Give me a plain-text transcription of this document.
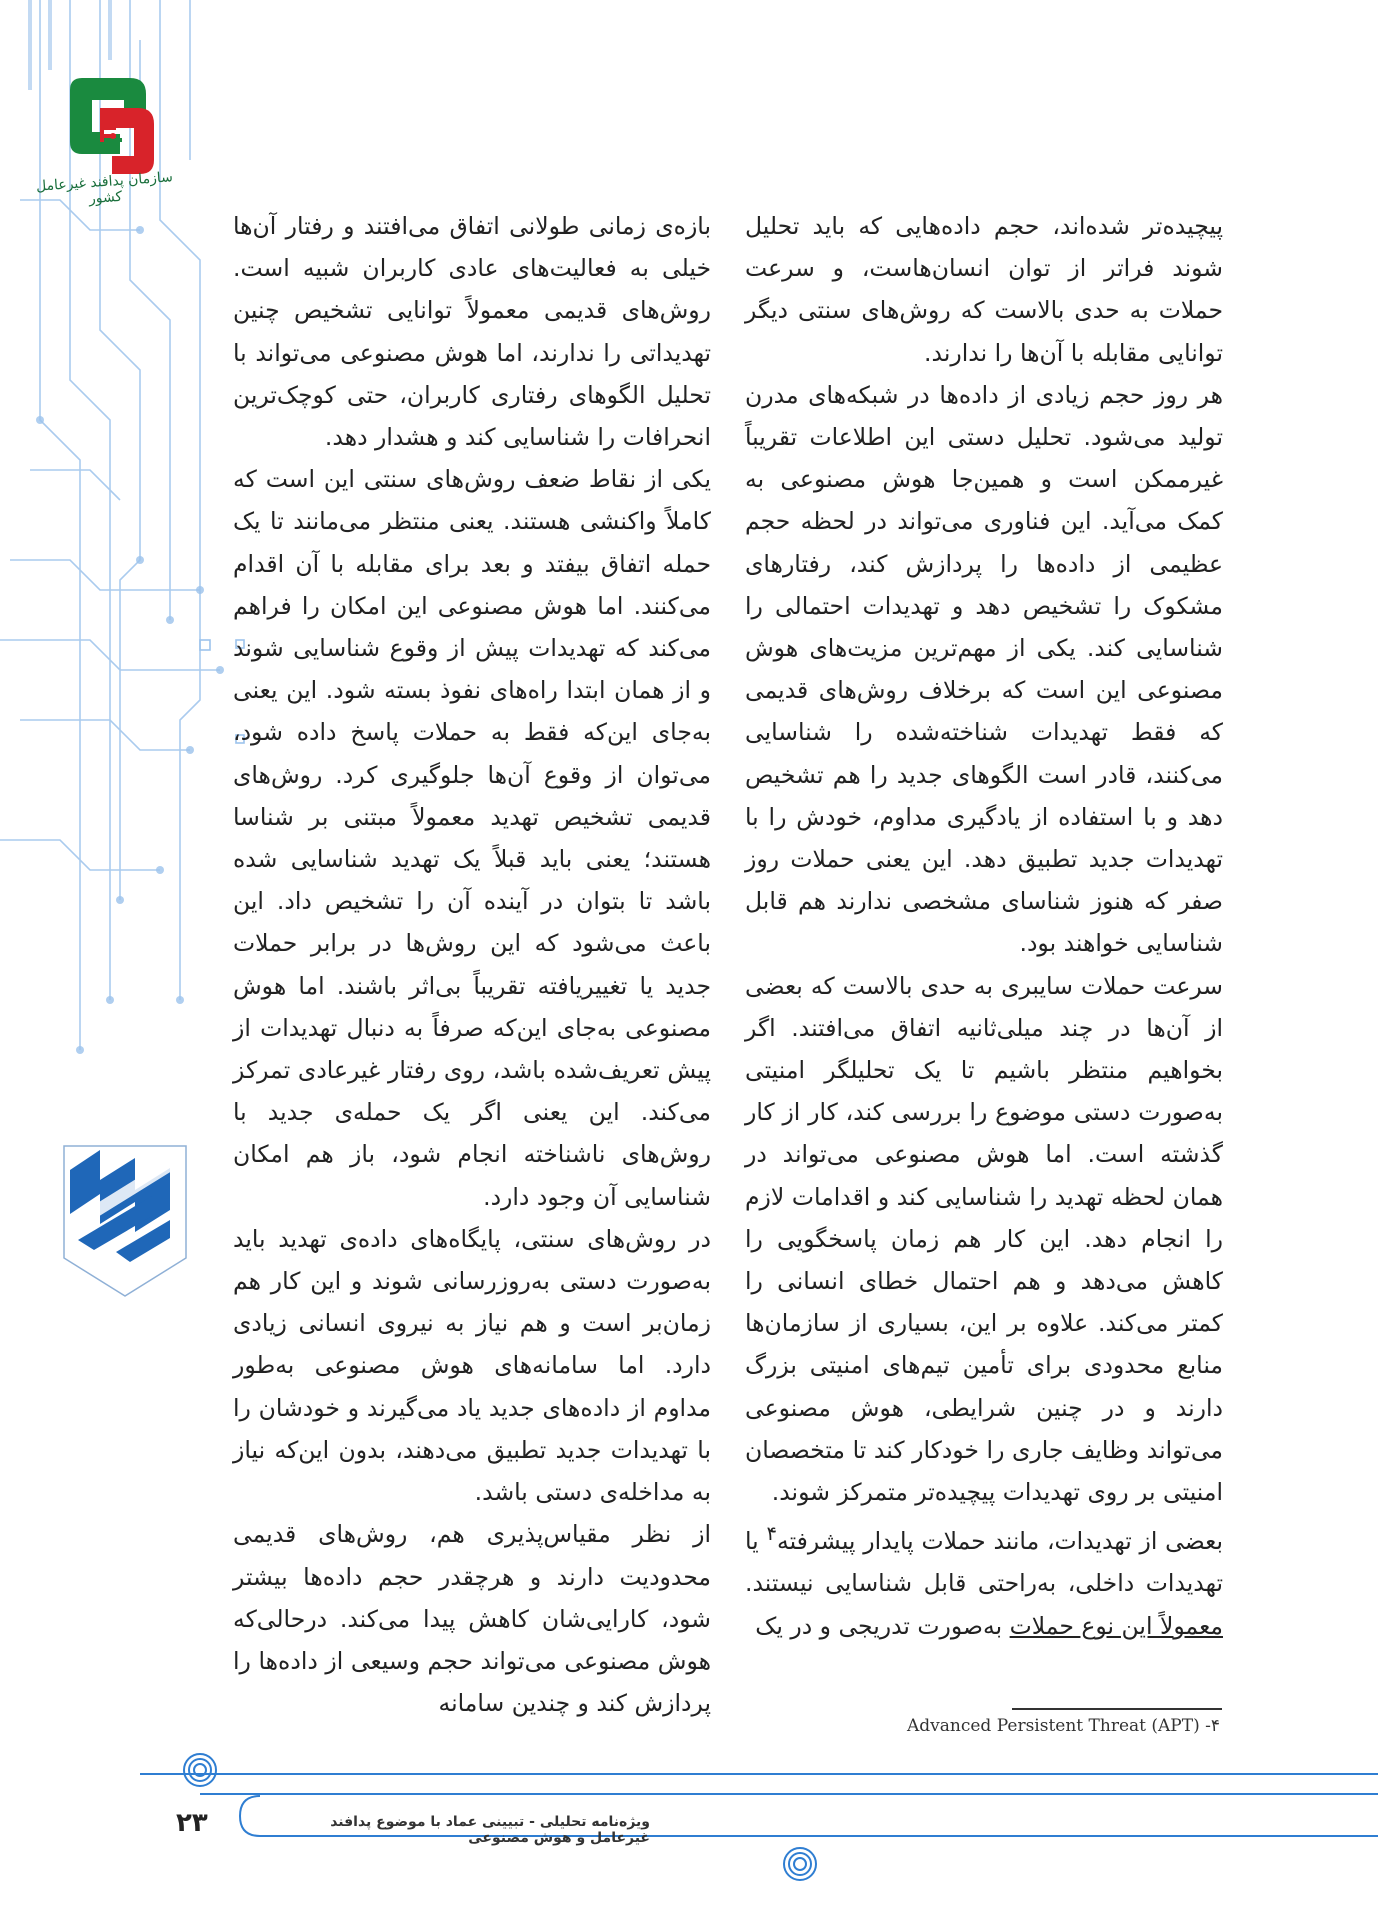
سازمان پدافند غیرعامل کشور

پیچیده‌تر شده‌اند، حجم داده‌هایی که باید تحلیل شوند فراتر از توان انسان‌هاست، و سرعت حملات به حدی بالاست که روش‌های سنتی دیگر توانایی مقابله با آن‌ها را ندارند.

هر روز حجم زیادی از داده‌ها در شبکه‌های مدرن تولید می‌شود. تحلیل دستی این اطلاعات تقریباً غیرممکن است و همین‌جا هوش مصنوعی به کمک می‌آید. این فناوری می‌تواند در لحظه حجم عظیمی از داده‌ها را پردازش کند، رفتارهای مشکوک را تشخیص دهد و تهدیدات احتمالی را شناسایی کند. یکی از مهم‌ترین مزیت‌های هوش مصنوعی این است که برخلاف روش‌های قدیمی که فقط تهدیدات شناخته‌شده را شناسایی می‌کنند، قادر است الگوهای جدید را هم تشخیص دهد و با استفاده از یادگیری مداوم، خودش را با تهدیدات جدید تطبیق دهد. این یعنی حملات روز صفر که هنوز شناسای مشخصی ندارند هم قابل شناسایی خواهند بود.

سرعت حملات سایبری به حدی بالاست که بعضی از آن‌ها در چند میلی‌ثانیه اتفاق می‌افتند. اگر بخواهیم منتظر باشیم تا یک تحلیلگر امنیتی به‌صورت دستی موضوع را بررسی کند، کار از کار گذشته است. اما هوش مصنوعی می‌تواند در همان لحظه تهدید را شناسایی کند و اقدامات لازم را انجام دهد. این کار هم زمان پاسخگویی را کاهش می‌دهد و هم احتمال خطای انسانی را کمتر می‌کند. علاوه بر این، بسیاری از سازمان‌ها منابع محدودی برای تأمین تیم‌های امنیتی بزرگ دارند و در چنین شرایطی، هوش مصنوعی می‌تواند وظایف جاری را خودکار کند تا متخصصان امنیتی بر روی تهدیدات پیچیده‌تر متمرکز شوند.

بعضی از تهدیدات، مانند حملات پایدار پیشرفته$^۴$ یا تهدیدات داخلی، به‌راحتی قابل شناسایی نیستند. معمولاً این نوع حملات به‌صورت تدریجی و در یک

بازه‌ی زمانی طولانی اتفاق می‌افتند و رفتار آن‌ها خیلی به فعالیت‌های عادی کاربران شبیه است. روش‌های قدیمی معمولاً توانایی تشخیص چنین تهدیداتی را ندارند، اما هوش مصنوعی می‌تواند با تحلیل الگوهای رفتاری کاربران، حتی کوچک‌ترین انحرافات را شناسایی کند و هشدار دهد.

یکی از نقاط ضعف روش‌های سنتی این است که کاملاً واکنشی هستند. یعنی منتظر می‌مانند تا یک حمله اتفاق بیفتد و بعد برای مقابله با آن اقدام می‌کنند. اما هوش مصنوعی این امکان را فراهم می‌کند که تهدیدات پیش از وقوع شناسایی شوند و از همان ابتدا راه‌های نفوذ بسته شود. این یعنی به‌جای این‌که فقط به حملات پاسخ داده شود، می‌توان از وقوع آن‌ها جلوگیری کرد. روش‌های قدیمی تشخیص تهدید معمولاً مبتنی بر شناسا هستند؛ یعنی باید قبلاً یک تهدید شناسایی شده باشد تا بتوان در آینده آن را تشخیص داد. این باعث می‌شود که این روش‌ها در برابر حملات جدید یا تغییریافته تقریباً بی‌اثر باشند. اما هوش مصنوعی به‌جای این‌که صرفاً به دنبال تهدیدات از پیش تعریف‌شده باشد، روی رفتار غیرعادی تمرکز می‌کند. این یعنی اگر یک حمله‌ی جدید با روش‌های ناشناخته انجام شود، باز هم امکان شناسایی آن وجود دارد.

در روش‌های سنتی، پایگاه‌های داده‌ی تهدید باید به‌صورت دستی به‌روزرسانی شوند و این کار هم زمان‌بر است و هم نیاز به نیروی انسانی زیادی دارد. اما سامانه‌های هوش مصنوعی به‌طور مداوم از داده‌های جدید یاد می‌گیرند و خودشان را با تهدیدات جدید تطبیق می‌دهند، بدون این‌که نیاز به مداخله‌ی دستی باشد.

از نظر مقیاس‌پذیری هم، روش‌های قدیمی محدودیت دارند و هرچقدر حجم داده‌ها بیشتر شود، کارایی‌شان کاهش پیدا می‌کند. درحالی‌که هوش مصنوعی می‌تواند حجم وسیعی از داده‌ها را پردازش کند و چندین سامانه

۴- Advanced Persistent Threat (APT)
۲۳	ویژه‌نامه تحلیلی - تبیینی عماد با موضوع پدافند غیرعامل و هوش مصنوعی
